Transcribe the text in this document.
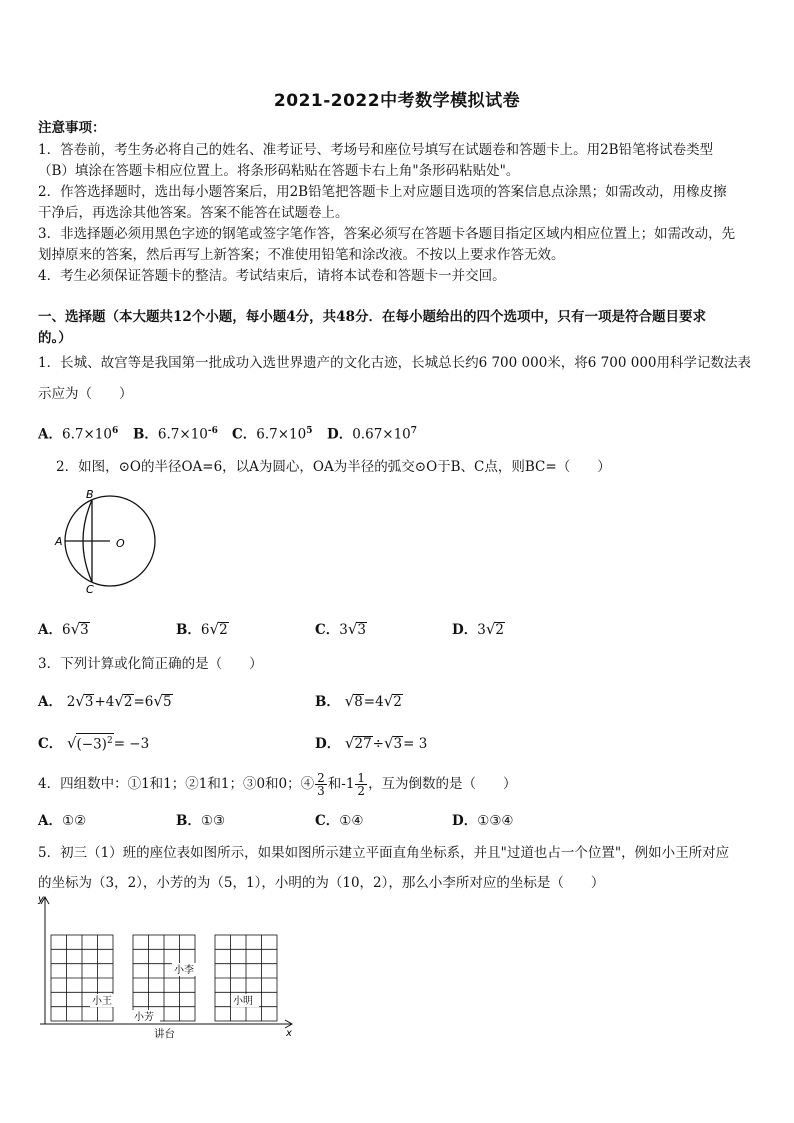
2021-2022中考数学模拟试卷
注意事项：
1．答卷前，考生务必将自己的姓名、准考证号、考场号和座位号填写在试题卷和答题卡上。用2B铅笔将试卷类型
（B）填涂在答题卡相应位置上。将条形码粘贴在答题卡右上角"条形码粘贴处"。
2．作答选择题时，选出每小题答案后，用2B铅笔把答题卡上对应题目选项的答案信息点涂黑；如需改动，用橡皮擦
干净后，再选涂其他答案。答案不能答在试题卷上。
3．非选择题必须用黑色字迹的钢笔或签字笔作答，答案必须写在答题卡各题目指定区域内相应位置上；如需改动，先
划掉原来的答案，然后再写上新答案；不准使用铅笔和涂改液。不按以上要求作答无效。
4．考生必须保证答题卡的整洁。考试结束后，请将本试卷和答题卡一并交回。
一、选择题（本大题共12个小题，每小题4分，共48分．在每小题给出的四个选项中，只有一项是符合题目要求
的。）
1．长城、故宫等是我国第一批成功入选世界遗产的文化古迹，长城总长约6 700 000米，将6 700 000用科学记数法表
示应为（　　）
A．$6.7\times 10^6$ B．$6.7\times 10^{-6}$ C．$6.7\times 10^5$ D．$0.67\times 10^7$
2．如图，⊙O的半径OA=6，以A为圆心，OA为半径的弧交⊙O于B、C点，则BC=（　　）
B
A	O
C
A．6√3	B．6√2	C．3√3	D．3√2
3．下列计算或化简正确的是（　　）
A． 2√3+4√2=6√5	B． √8=4√2
C． $√(-3)^2= -3$	D． √27÷√3= 3
4．四组数中：①1和1；②1和1；③0和0；④ $\frac{2}{3}$ 和$-1 \frac{1}{2}$ ，互为倒数的是（　　）
A．①②	B．①③	C．①④	D．①③④
5．初三（1）班的座位表如图所示，如果如图所示建立平面直角坐标系，并且"过道也占一个位置"，例如小王所对应
的坐标为（3，2），小芳的为（5，1），小明的为（10，2），那么小李所对应的坐标是（　　）
y
x
小王
小芳
小李
小明
讲台
